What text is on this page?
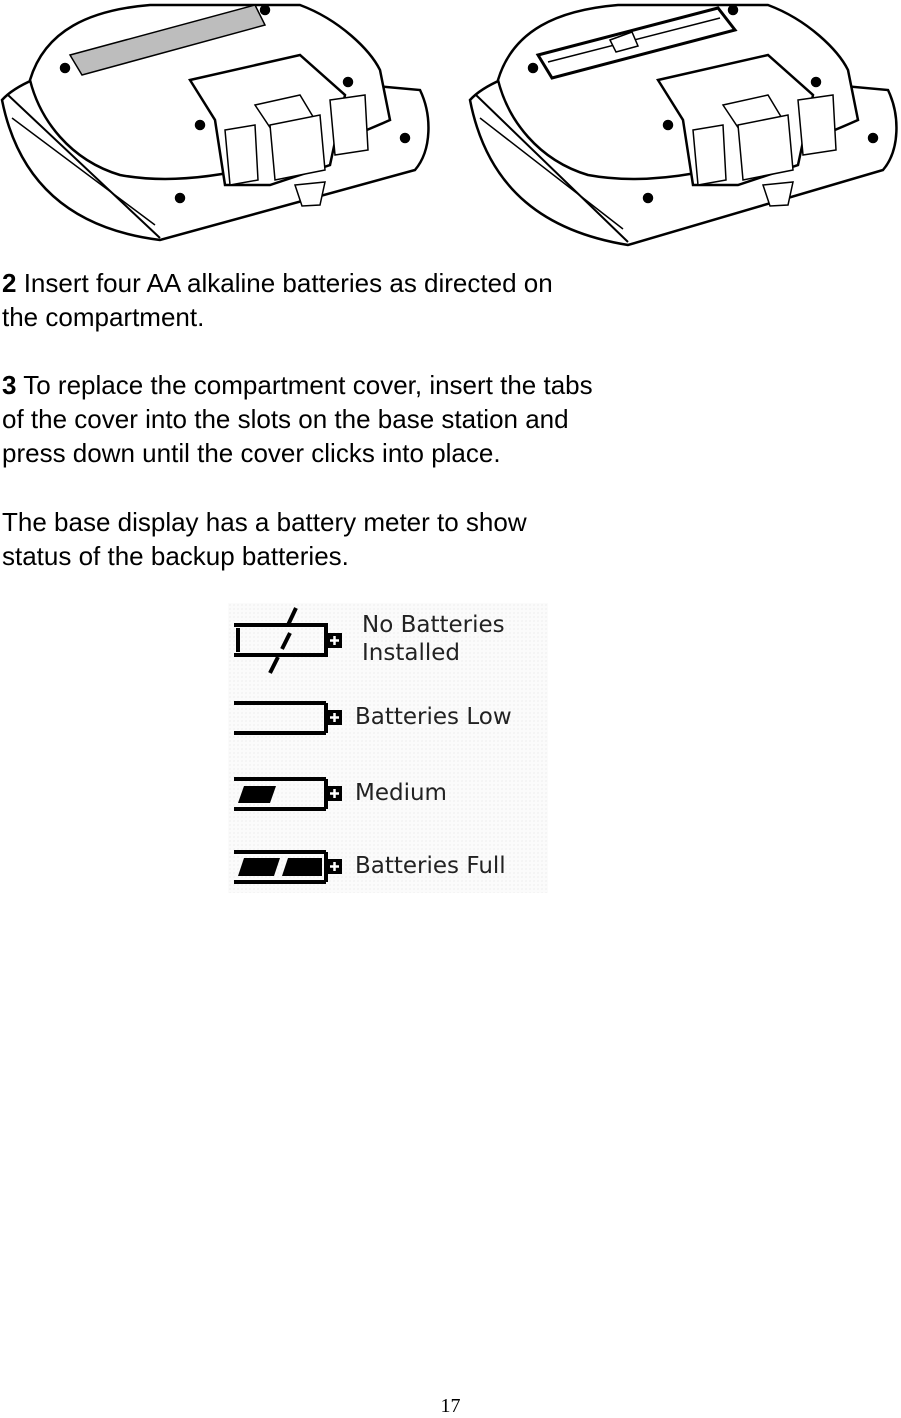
2 Insert four AA alkaline batteries as directed on
the compartment.
3 To replace the compartment cover, insert the tabs
of the cover into the slots on the base station and
press down until the cover clicks into place.
The base display has a battery meter to show
status of the backup batteries.
No Batteries
Installed
Batteries Low
Medium
Batteries Full
17
